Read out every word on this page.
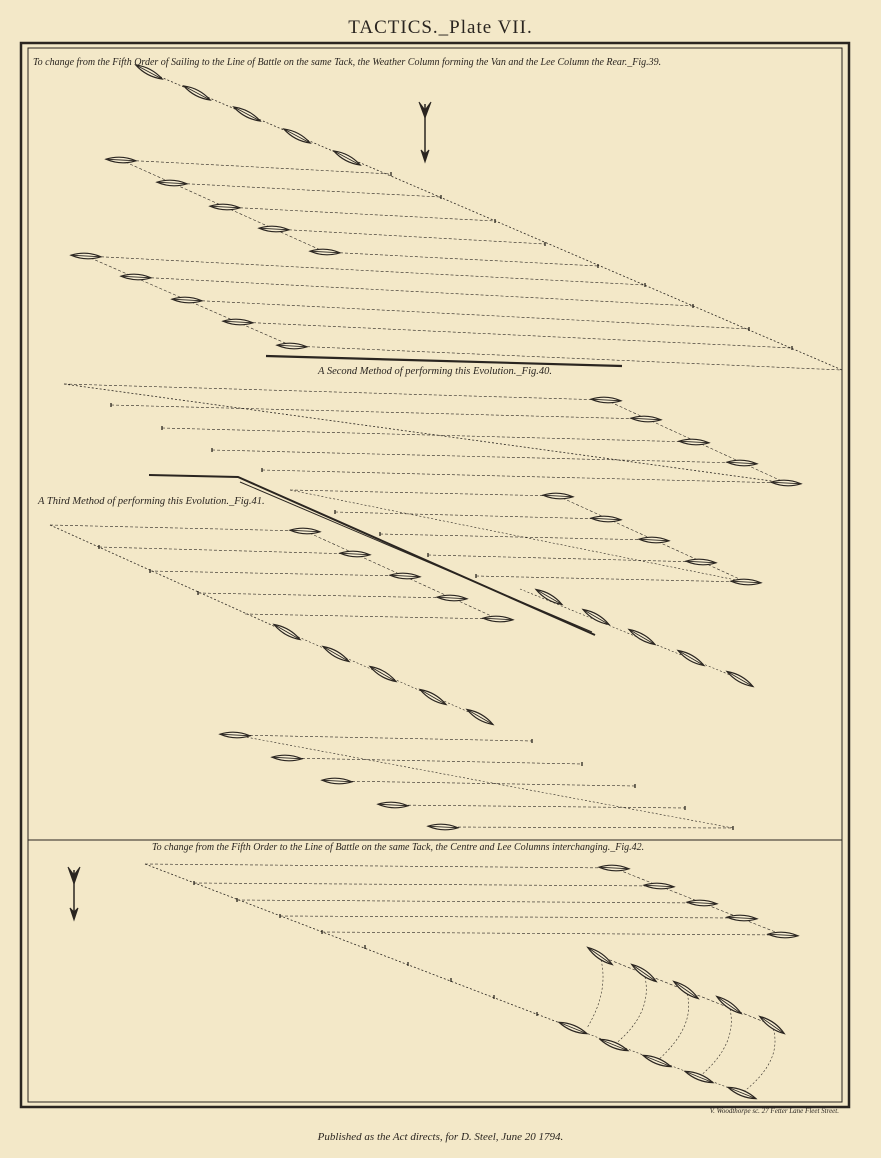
TACTICS._Plate VII.
To change from the Fifth Order of Sailing to the Line of Battle on the same Tack, the Weather Column forming the Van and the Lee Column the Rear._Fig.39.
A Second Method of performing this Evolution._Fig.40.
A Third Method of performing this Evolution._Fig.41.
To change from the Fifth Order to the Line of Battle on the same Tack, the Centre and Lee Columns interchanging._Fig.42.
V. Woodthorpe sc. 27 Fetter Lane Fleet Street.
Published as the Act directs, for D. Steel, June 20 1794.
